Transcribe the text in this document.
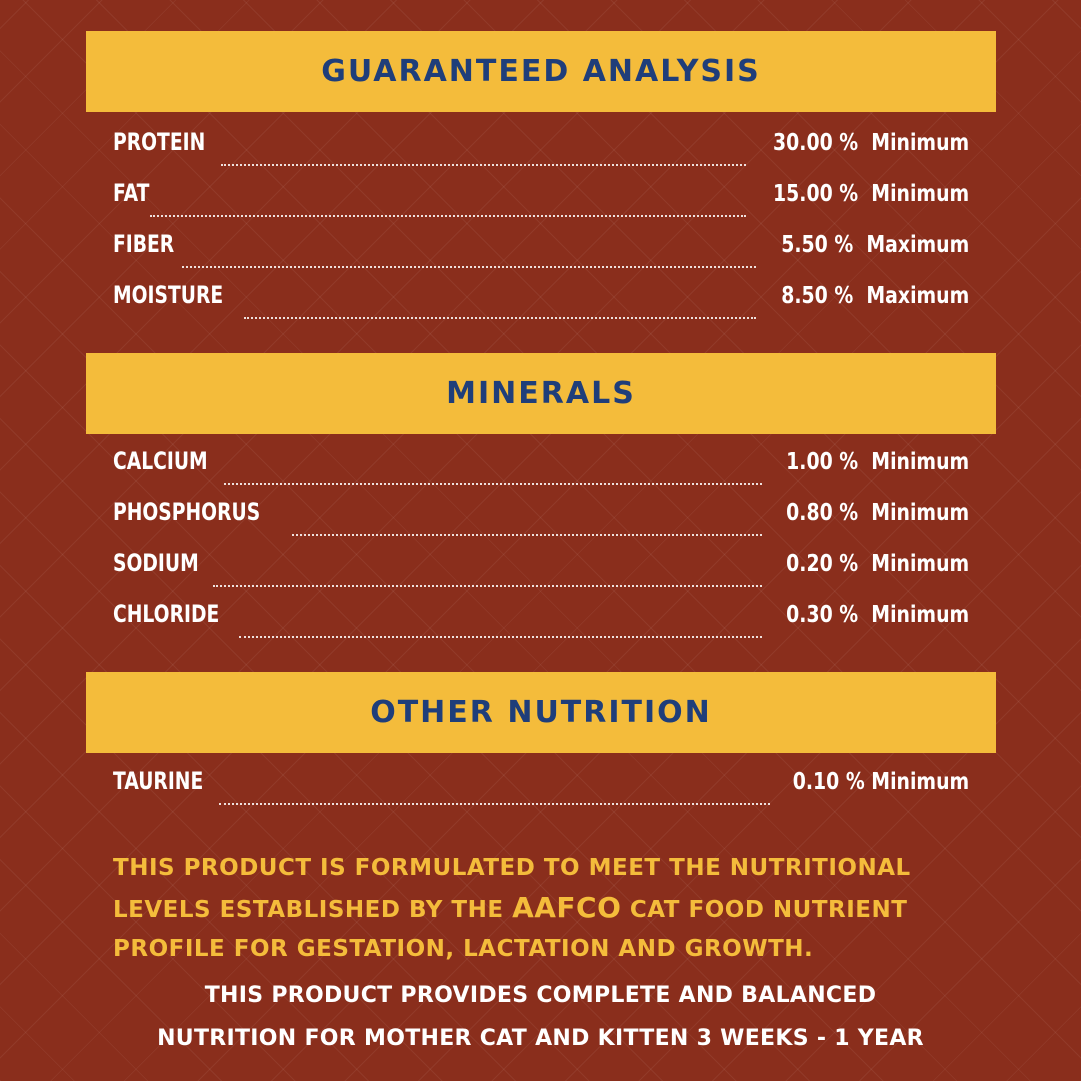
GUARANTEED ANALYSIS
PROTEIN	30.00 % Minimum
FAT	15.00 % Minimum
FIBER	5.50 % Maximum
MOISTURE	8.50 % Maximum
MINERALS
CALCIUM	1.00 % Minimum
PHOSPHORUS	0.80 % Minimum
SODIUM	0.20 % Minimum
CHLORIDE	0.30 % Minimum
OTHER NUTRITION
TAURINE	0.10 % Minimum
THIS PRODUCT IS FORMULATED TO MEET THE NUTRITIONAL
LEVELS ESTABLISHED BY THE AAFCO CAT FOOD NUTRIENT
PROFILE FOR GESTATION, LACTATION AND GROWTH.
THIS PRODUCT PROVIDES COMPLETE AND BALANCED
NUTRITION FOR MOTHER CAT AND KITTEN 3 WEEKS - 1 YEAR
